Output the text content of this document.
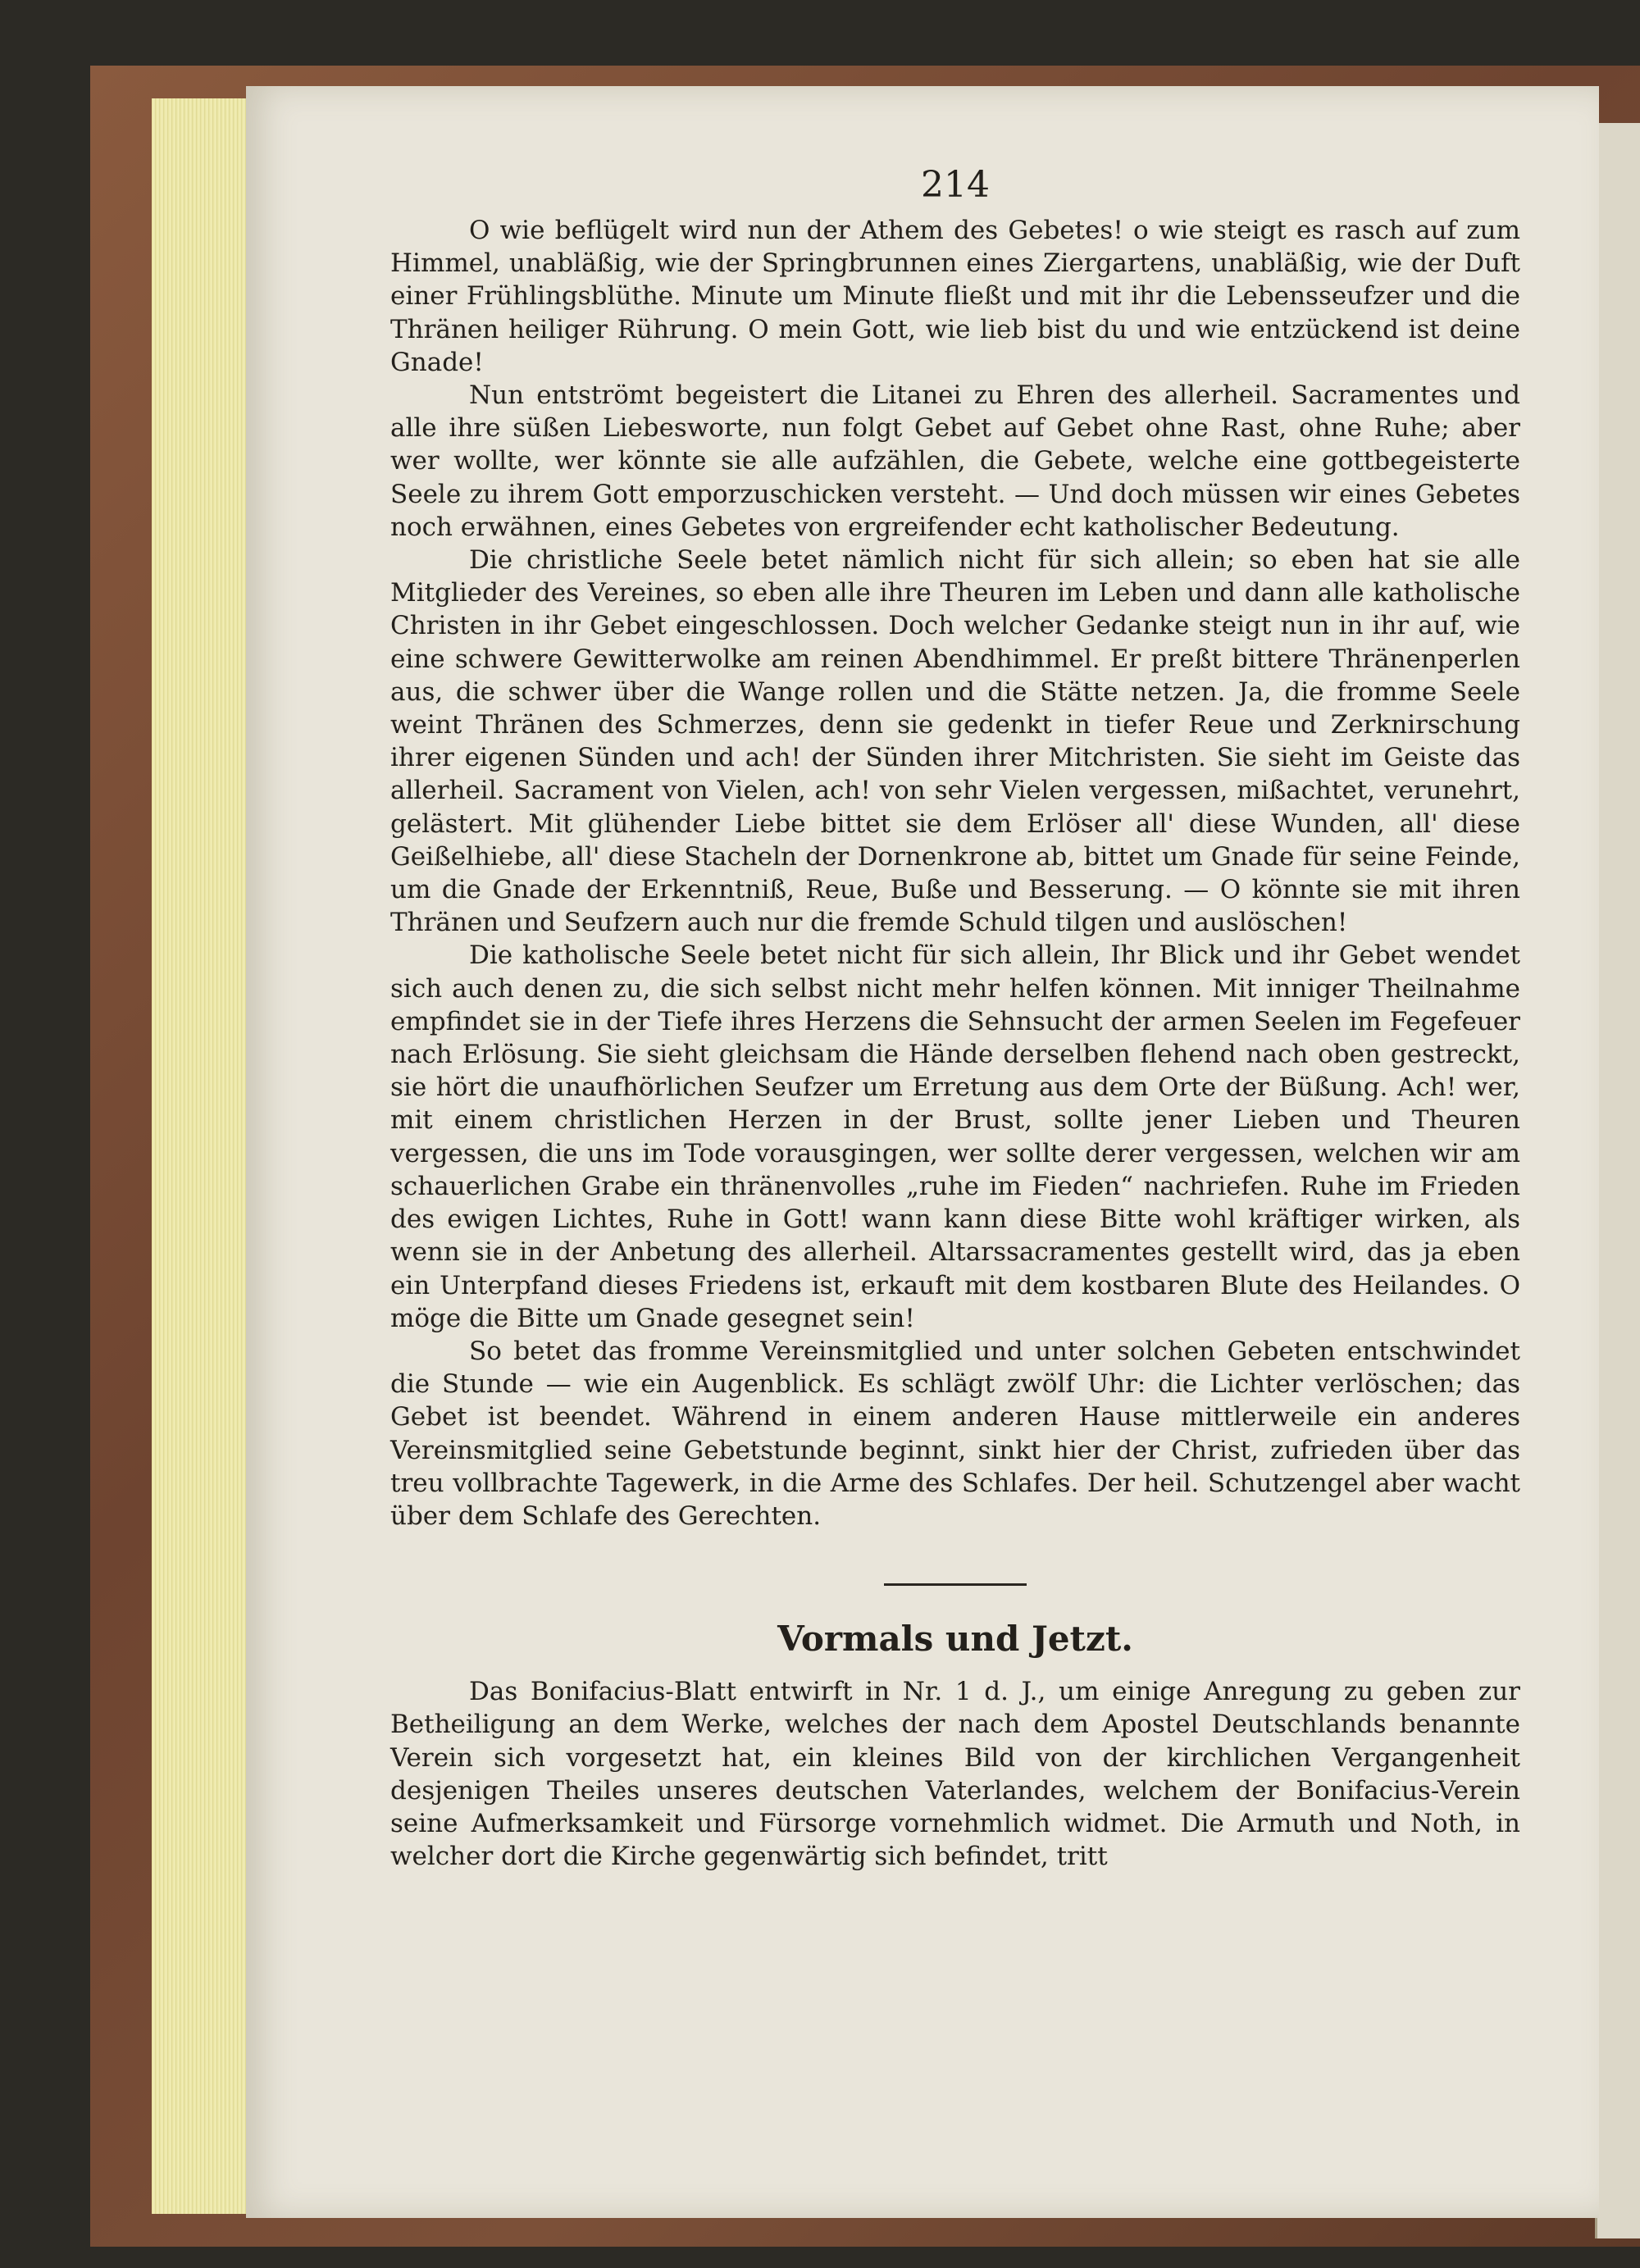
214

O wie beflügelt wird nun der Athem des Gebetes! o wie steigt es rasch auf zum Himmel, unabläßig, wie der Springbrunnen eines Ziergartens, unabläßig, wie der Duft einer Frühlingsblüthe. Minute um Minute fließt und mit ihr die Lebensseufzer und die Thränen heiliger Rührung. O mein Gott, wie lieb bist du und wie entzückend ist deine Gnade!

Nun entströmt begeistert die Litanei zu Ehren des allerheil. Sacramentes und alle ihre süßen Liebesworte, nun folgt Gebet auf Gebet ohne Rast, ohne Ruhe; aber wer wollte, wer könnte sie alle aufzählen, die Gebete, welche eine gottbegeisterte Seele zu ihrem Gott emporzuschicken versteht. — Und doch müssen wir eines Gebetes noch erwähnen, eines Gebetes von ergreifender echt katholischer Bedeutung.

Die christliche Seele betet nämlich nicht für sich allein; so eben hat sie alle Mitglieder des Vereines, so eben alle ihre Theuren im Leben und dann alle katholische Christen in ihr Gebet eingeschlossen. Doch welcher Gedanke steigt nun in ihr auf, wie eine schwere Gewitterwolke am reinen Abendhimmel. Er preßt bittere Thränenperlen aus, die schwer über die Wange rollen und die Stätte netzen. Ja, die fromme Seele weint Thränen des Schmerzes, denn sie gedenkt in tiefer Reue und Zerknirschung ihrer eigenen Sünden und ach! der Sünden ihrer Mitchristen. Sie sieht im Geiste das allerheil. Sacrament von Vielen, ach! von sehr Vielen vergessen, mißachtet, verunehrt, gelästert. Mit glühender Liebe bittet sie dem Erlöser all' diese Wunden, all' diese Geißelhiebe, all' diese Stacheln der Dornenkrone ab, bittet um Gnade für seine Feinde, um die Gnade der Erkenntniß, Reue, Buße und Besserung. — O könnte sie mit ihren Thränen und Seufzern auch nur die fremde Schuld tilgen und auslöschen!

Die katholische Seele betet nicht für sich allein, Ihr Blick und ihr Gebet wendet sich auch denen zu, die sich selbst nicht mehr helfen können. Mit inniger Theilnahme empfindet sie in der Tiefe ihres Herzens die Sehnsucht der armen Seelen im Fegefeuer nach Erlösung. Sie sieht gleichsam die Hände derselben flehend nach oben gestreckt, sie hört die unaufhörlichen Seufzer um Erretung aus dem Orte der Büßung. Ach! wer, mit einem christlichen Herzen in der Brust, sollte jener Lieben und Theuren vergessen, die uns im Tode vorausgingen, wer sollte derer vergessen, welchen wir am schauerlichen Grabe ein thränenvolles „ruhe im Fieden“ nachriefen. Ruhe im Frieden des ewigen Lichtes, Ruhe in Gott! wann kann diese Bitte wohl kräftiger wirken, als wenn sie in der Anbetung des allerheil. Altarssacramentes gestellt wird, das ja eben ein Unterpfand dieses Friedens ist, erkauft mit dem kostbaren Blute des Heilandes. O möge die Bitte um Gnade gesegnet sein!

So betet das fromme Vereinsmitglied und unter solchen Gebeten entschwindet die Stunde — wie ein Augenblick. Es schlägt zwölf Uhr: die Lichter verlöschen; das Gebet ist beendet. Während in einem anderen Hause mittlerweile ein anderes Vereinsmitglied seine Gebetstunde beginnt, sinkt hier der Christ, zufrieden über das treu vollbrachte Tagewerk, in die Arme des Schlafes. Der heil. Schutzengel aber wacht über dem Schlafe des Gerechten.

Vormals und Jetzt.

Das Bonifacius-Blatt entwirft in Nr. 1 d. J., um einige Anregung zu geben zur Betheiligung an dem Werke, welches der nach dem Apostel Deutschlands benannte Verein sich vorgesetzt hat, ein kleines Bild von der kirchlichen Vergangenheit desjenigen Theiles unseres deutschen Vaterlandes, welchem der Bonifacius-Verein seine Aufmerksamkeit und Fürsorge vornehmlich widmet. Die Armuth und Noth, in welcher dort die Kirche gegenwärtig sich befindet, tritt
